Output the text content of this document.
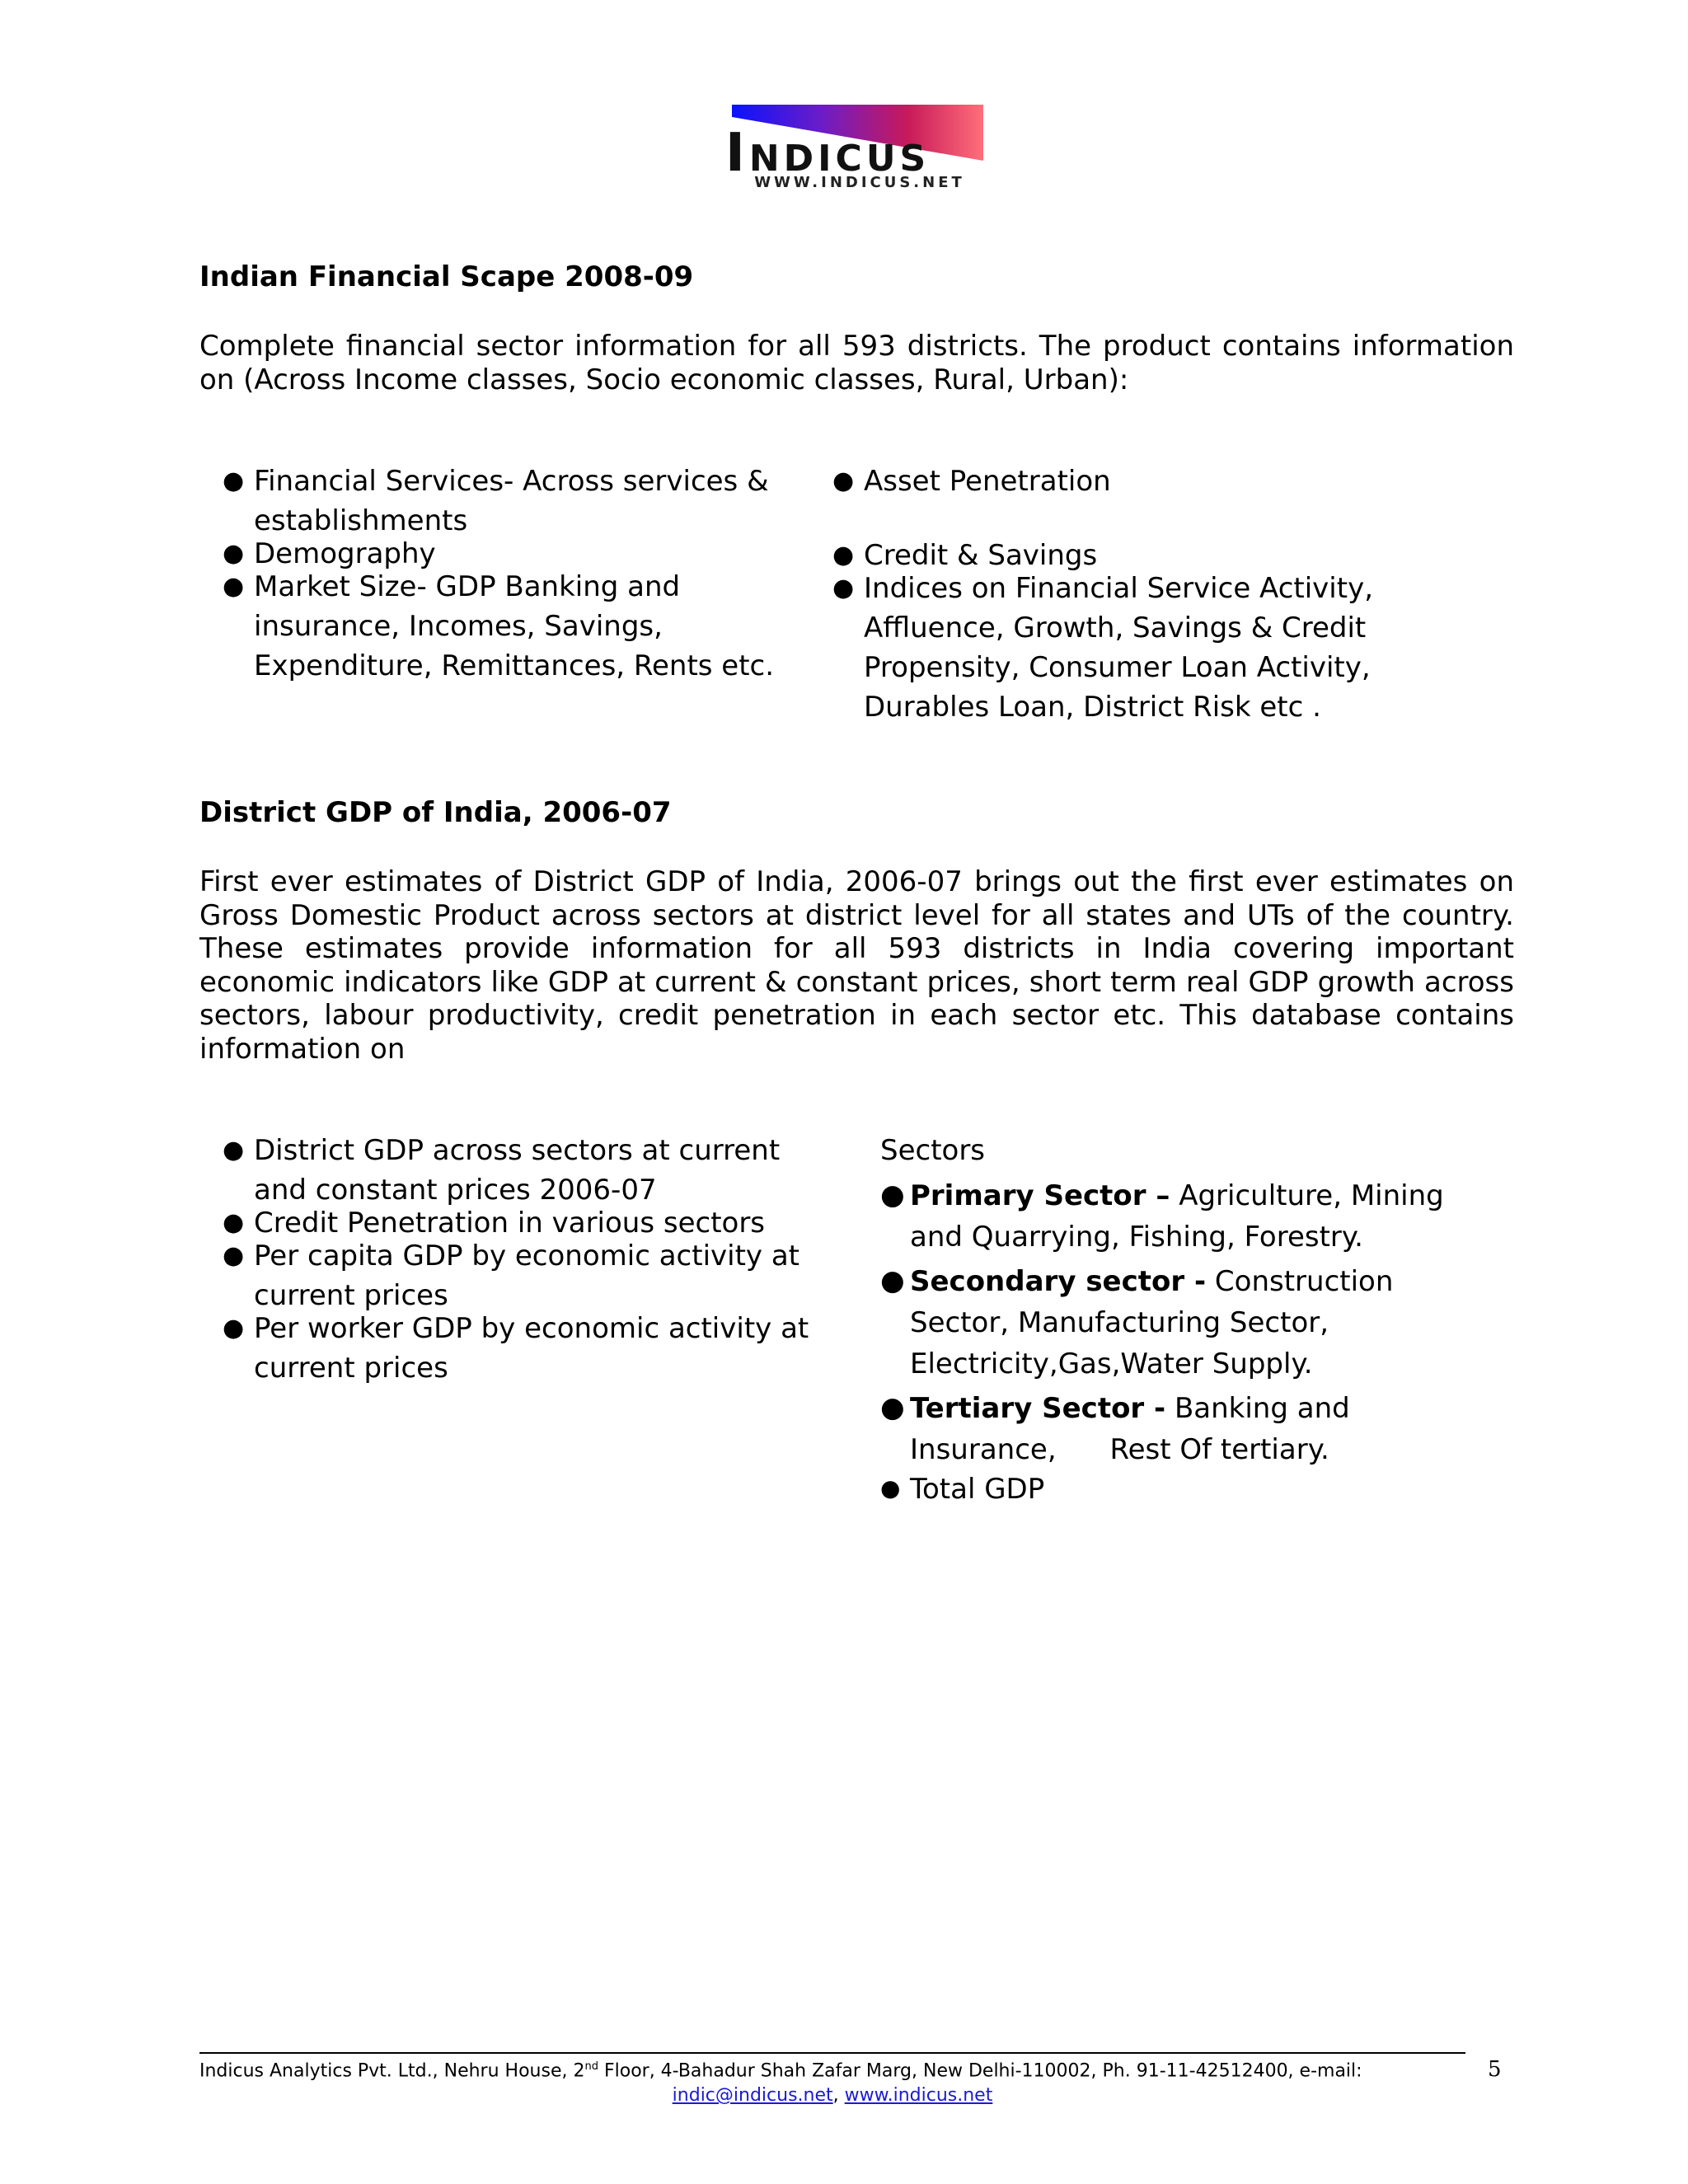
INDICUS
WWW.INDICUS.NET
Indian Financial Scape 2008-09
Complete financial sector information for all 593 districts. The product contains information on (Across Income classes, Socio economic classes, Rural, Urban):
● Financial Services- Across services & establishments
● Demography
● Market Size- GDP Banking and insurance, Incomes, Savings, Expenditure, Remittances, Rents etc.
● Asset Penetration
● Credit & Savings
● Indices on Financial Service Activity, Affluence, Growth, Savings & Credit Propensity, Consumer Loan Activity, Durables Loan, District Risk etc .
District GDP of India, 2006-07
First ever estimates of District GDP of India, 2006-07 brings out the first ever estimates on Gross Domestic Product across sectors at district level for all states and UTs of the country. These estimates provide information for all 593 districts in India covering important economic indicators like GDP at current & constant prices, short term real GDP growth across sectors, labour productivity, credit penetration in each sector etc. This database contains information on
● District GDP across sectors at current and constant prices 2006-07
● Credit Penetration in various sectors
● Per capita GDP by economic activity at current prices
● Per worker GDP by economic activity at current prices
Sectors
● Primary Sector – Agriculture, Mining and Quarrying, Fishing, Forestry.
● Secondary sector - Construction Sector, Manufacturing Sector, Electricity,Gas,Water Supply.
● Tertiary Sector - Banking and Insurance,      Rest Of tertiary.
● Total GDP
Indicus Analytics Pvt. Ltd., Nehru House, 2nd Floor, 4-Bahadur Shah Zafar Marg, New Delhi-110002, Ph. 91-11-42512400, e-mail:
indic@indicus.net, www.indicus.net
5
